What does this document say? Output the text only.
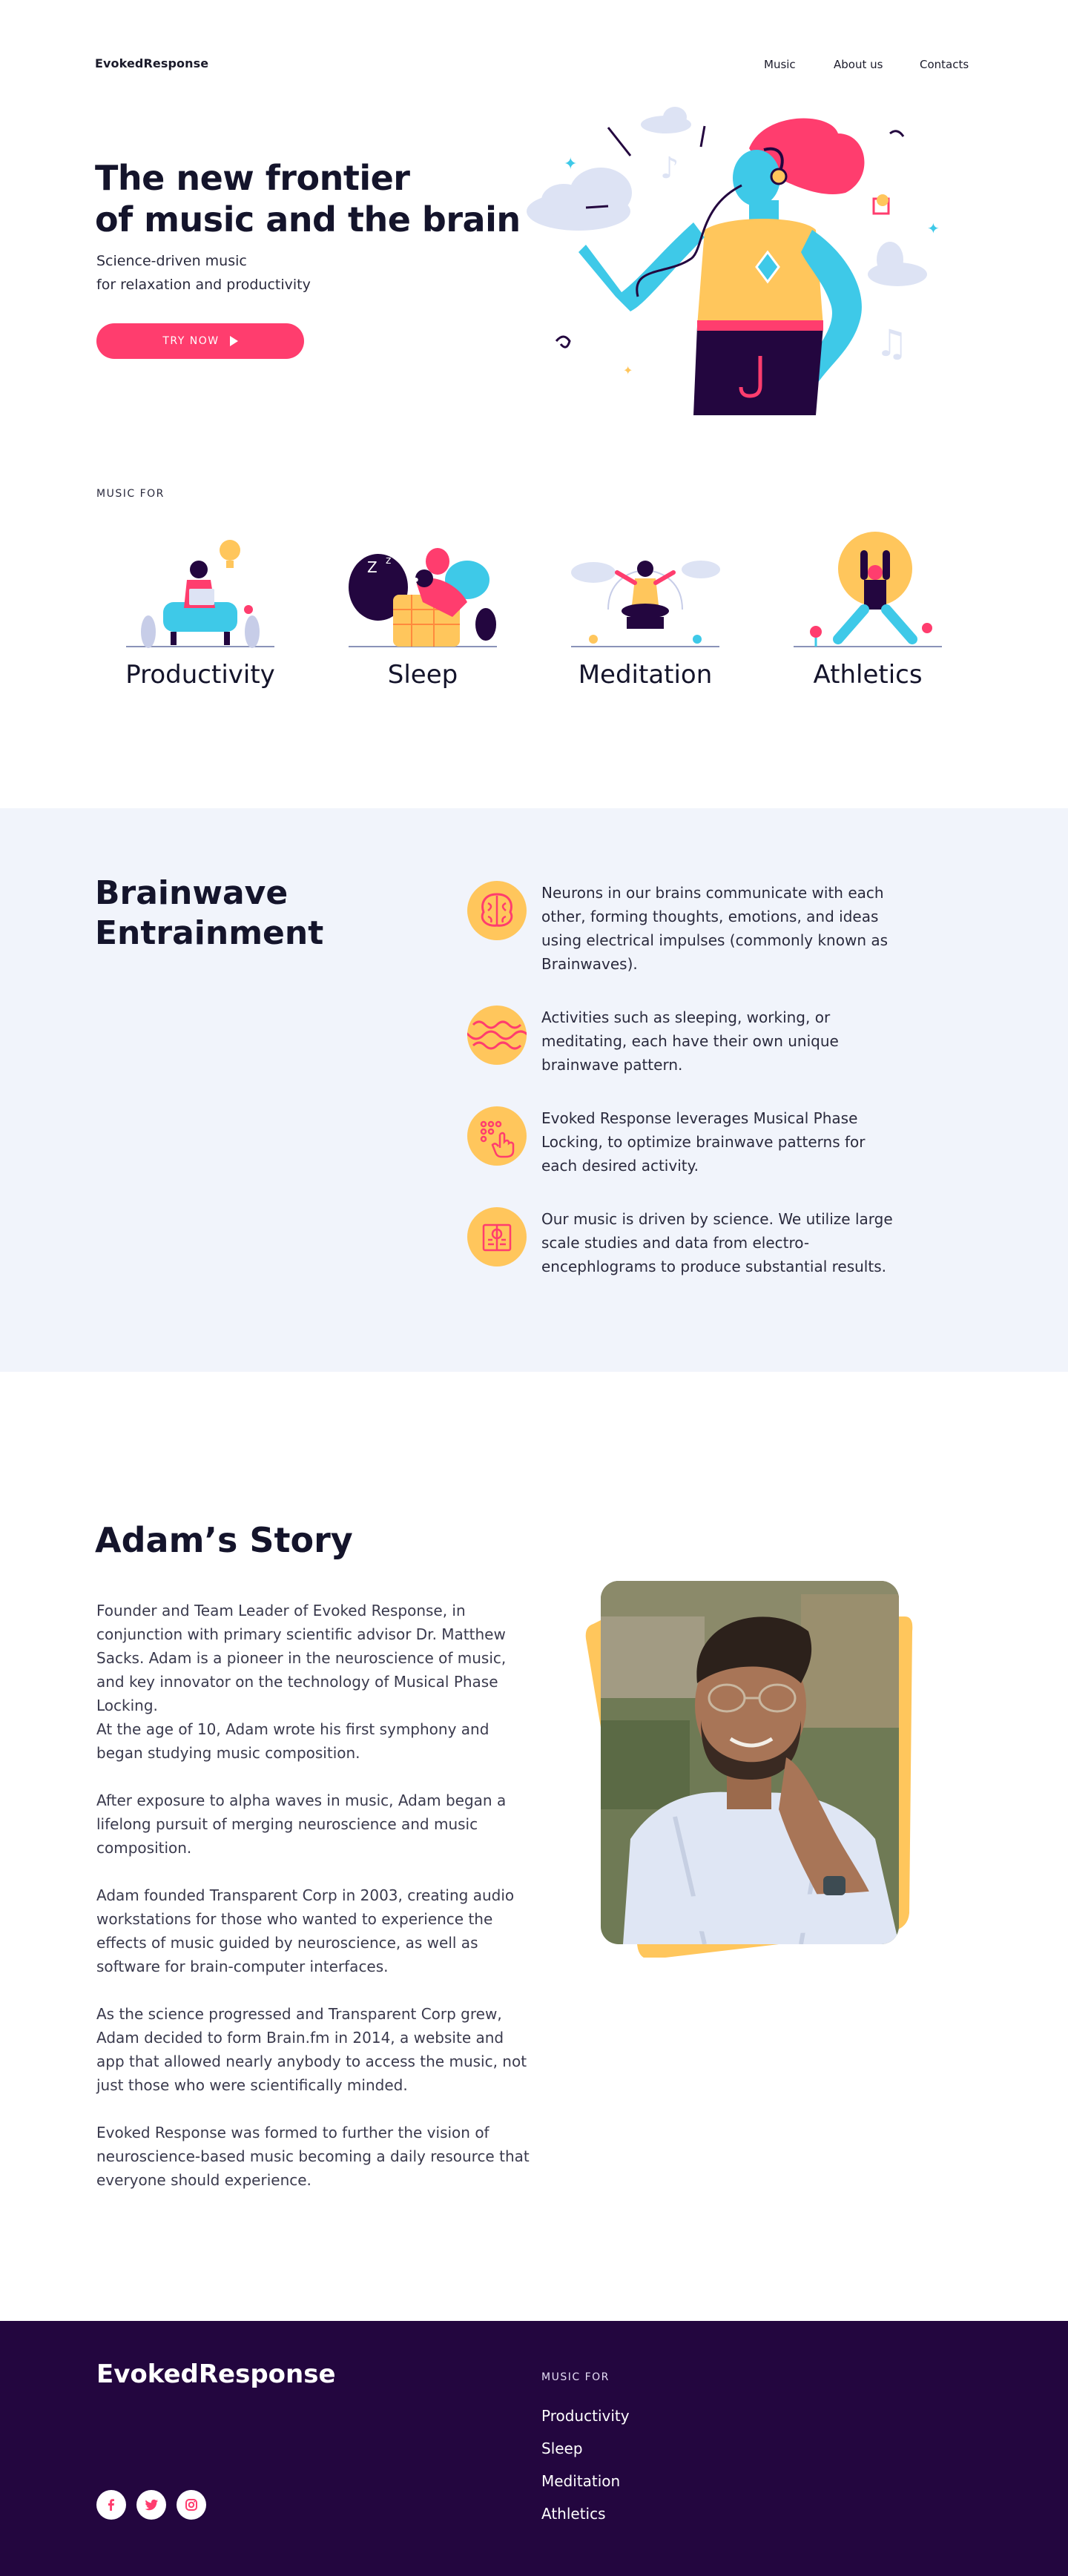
EvokedResponse	Music	About us	Contacts
The new frontier
of music and the brain
Science-driven music
for relaxation and productivity
TRY NOW
♪
♫
✦
✦
✦
MUSIC FOR
Productivity
Z z
✿
Sleep	Meditation	Athletics
Brainwave
Entrainment
Neurons in our brains communicate with each other, forming thoughts, emotions, and ideas using electrical impulses (commonly known as Brainwaves).
Activities such as sleeping, working, or meditating, each have their own unique brainwave pattern.
Evoked Response leverages Musical Phase Locking, to optimize brainwave patterns for each desired activity.
Our music is driven by science. We utilize large scale studies and data from electro-encephlograms to produce substantial results.
Adam’s Story
Founder and Team Leader of Evoked Response, in conjunction with primary scientific advisor Dr. Matthew Sacks. Adam is a pioneer in the neuroscience of music, and key innovator on the technology of Musical Phase Locking.
At the age of 10, Adam wrote his first symphony and began studying music composition.
After exposure to alpha waves in music, Adam began a lifelong pursuit of merging neuroscience and music composition.
Adam founded Transparent Corp in 2003, creating audio workstations for those who wanted to experience the effects of music guided by neuroscience, as well as software for brain-computer interfaces.
As the science progressed and Transparent Corp grew, Adam decided to form Brain.fm in 2014, a website and app that allowed nearly anybody to access the music, not just those who were scientifically minded.
Evoked Response was formed to further the vision of neuroscience-based music becoming a daily resource that everyone should experience.
EvokedResponse	MUSIC FOR
Productivity
Sleep
Meditation
Athletics
